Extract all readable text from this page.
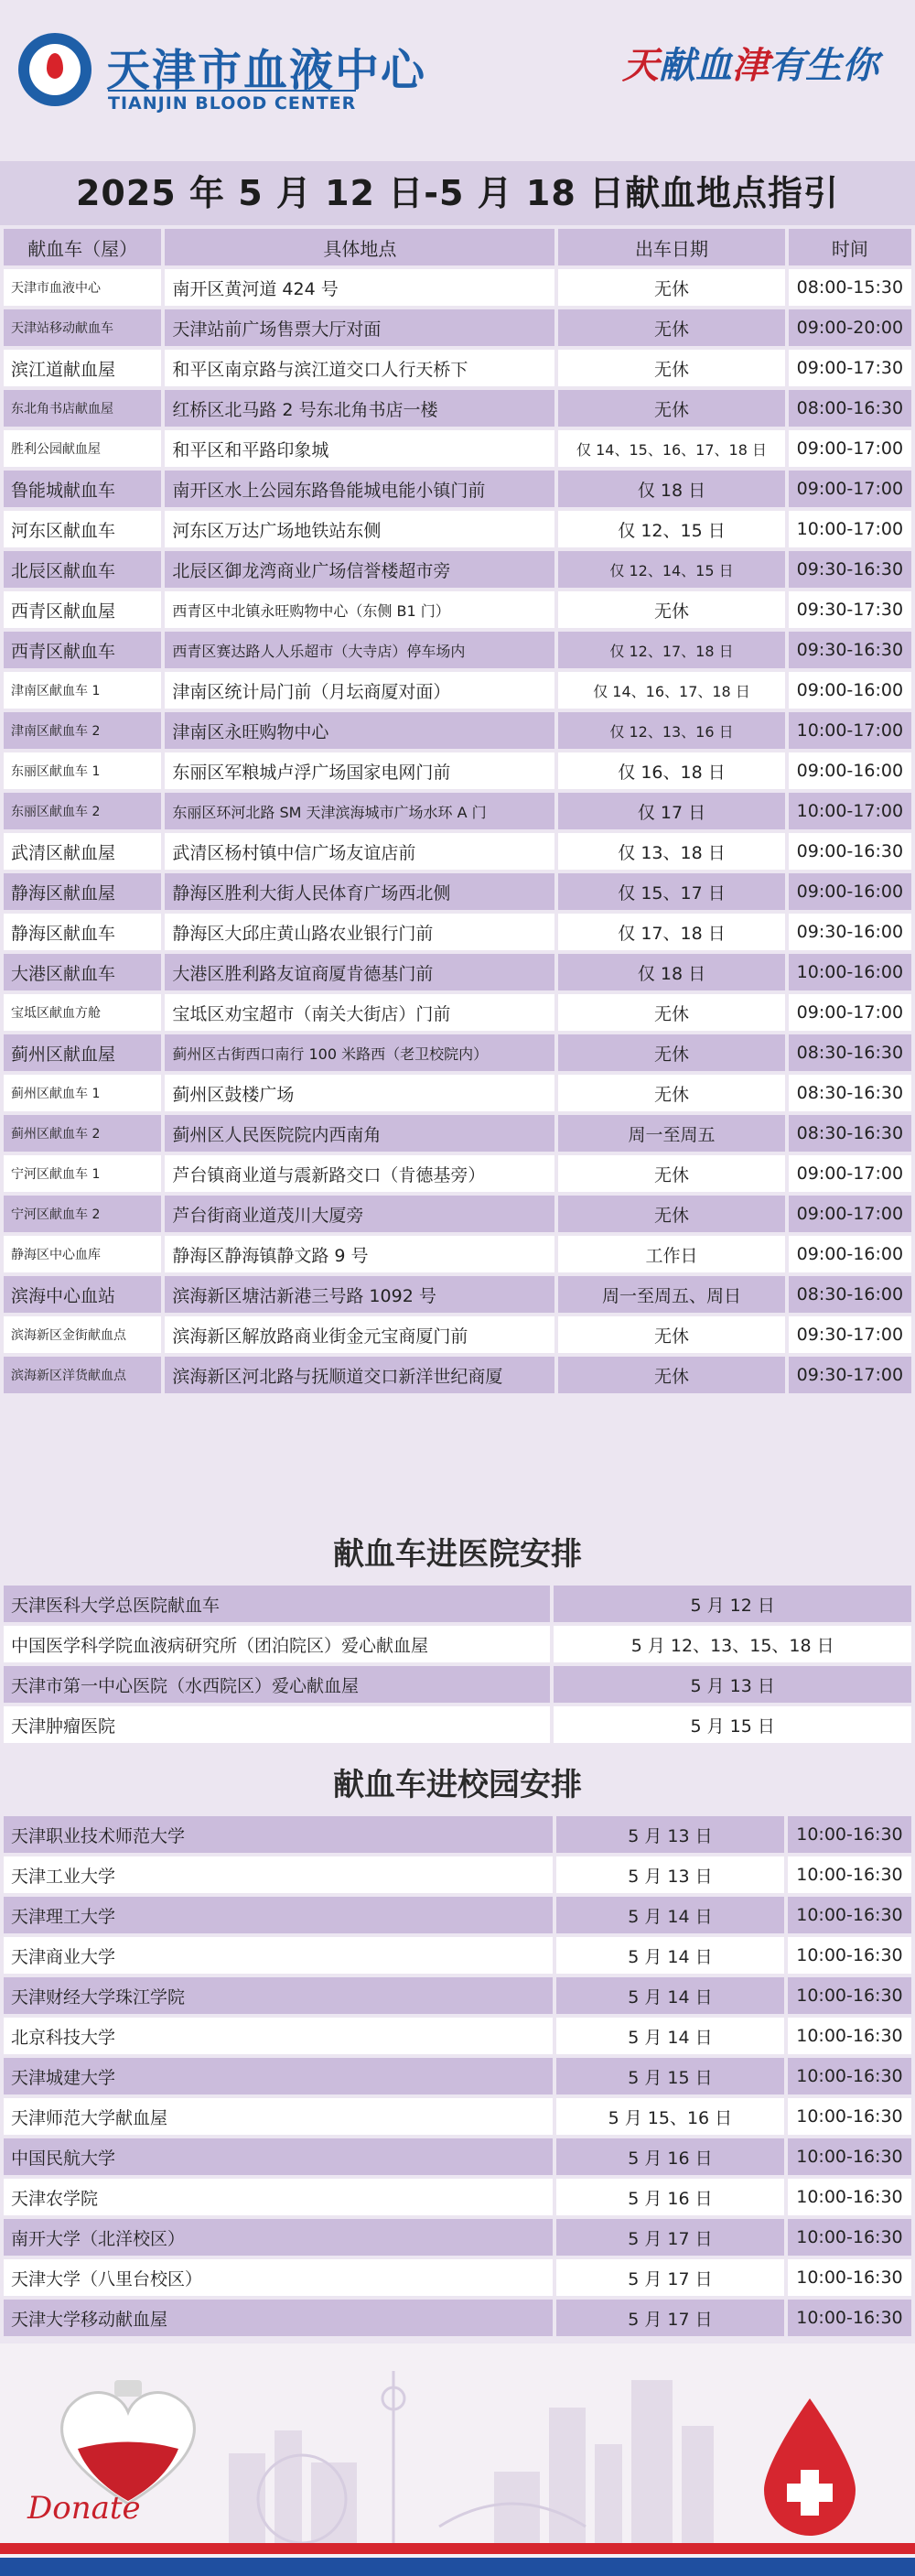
天津市血液中心
TIANJIN BLOOD CENTER
天献血津有生你
2025 年 5 月 12 日-5 月 18 日献血地点指引
献血车（屋）	具体地点	出车日期	时间
天津市血液中心	南开区黄河道 424 号	无休	08:00-15:30
天津站移动献血车	天津站前广场售票大厅对面	无休	09:00-20:00
滨江道献血屋	和平区南京路与滨江道交口人行天桥下	无休	09:00-17:30
东北角书店献血屋	红桥区北马路 2 号东北角书店一楼	无休	08:00-16:30
胜利公园献血屋	和平区和平路印象城	仅 14、15、16、17、18 日	09:00-17:00
鲁能城献血车	南开区水上公园东路鲁能城电能小镇门前	仅 18 日	09:00-17:00
河东区献血车	河东区万达广场地铁站东侧	仅 12、15 日	10:00-17:00
北辰区献血车	北辰区御龙湾商业广场信誉楼超市旁	仅 12、14、15 日	09:30-16:30
西青区献血屋	西青区中北镇永旺购物中心（东侧 B1 门）	无休	09:30-17:30
西青区献血车	西青区赛达路人人乐超市（大寺店）停车场内	仅 12、17、18 日	09:30-16:30
津南区献血车 1	津南区统计局门前（月坛商厦对面）	仅 14、16、17、18 日	09:00-16:00
津南区献血车 2	津南区永旺购物中心	仅 12、13、16 日	10:00-17:00
东丽区献血车 1	东丽区军粮城卢浮广场国家电网门前	仅 16、18 日	09:00-16:00
东丽区献血车 2	东丽区环河北路 SM 天津滨海城市广场水环 A 门	仅 17 日	10:00-17:00
武清区献血屋	武清区杨村镇中信广场友谊店前	仅 13、18 日	09:00-16:30
静海区献血屋	静海区胜利大街人民体育广场西北侧	仅 15、17 日	09:00-16:00
静海区献血车	静海区大邱庄黄山路农业银行门前	仅 17、18 日	09:30-16:00
大港区献血车	大港区胜利路友谊商厦肯德基门前	仅 18 日	10:00-16:00
宝坻区献血方舱	宝坻区劝宝超市（南关大街店）门前	无休	09:00-17:00
蓟州区献血屋	蓟州区古街西口南行 100 米路西（老卫校院内）	无休	08:30-16:30
蓟州区献血车 1	蓟州区鼓楼广场	无休	08:30-16:30
蓟州区献血车 2	蓟州区人民医院院内西南角	周一至周五	08:30-16:30
宁河区献血车 1	芦台镇商业道与震新路交口（肯德基旁）	无休	09:00-17:00
宁河区献血车 2	芦台街商业道茂川大厦旁	无休	09:00-17:00
静海区中心血库	静海区静海镇静文路 9 号	工作日	09:00-16:00
滨海中心血站	滨海新区塘沽新港三号路 1092 号	周一至周五、周日	08:30-16:00
滨海新区金街献血点	滨海新区解放路商业街金元宝商厦门前	无休	09:30-17:00
滨海新区洋货献血点	滨海新区河北路与抚顺道交口新洋世纪商厦	无休	09:30-17:00
献血车进医院安排
天津医科大学总医院献血车	5 月 12 日
中国医学科学院血液病研究所（团泊院区）爱心献血屋	5 月 12、13、15、18 日
天津市第一中心医院（水西院区）爱心献血屋	5 月 13 日
天津肿瘤医院	5 月 15 日
献血车进校园安排
天津职业技术师范大学	5 月 13 日	10:00-16:30
天津工业大学	5 月 13 日	10:00-16:30
天津理工大学	5 月 14 日	10:00-16:30
天津商业大学	5 月 14 日	10:00-16:30
天津财经大学珠江学院	5 月 14 日	10:00-16:30
北京科技大学	5 月 14 日	10:00-16:30
天津城建大学	5 月 15 日	10:00-16:30
天津师范大学献血屋	5 月 15、16 日	10:00-16:30
中国民航大学	5 月 16 日	10:00-16:30
天津农学院	5 月 16 日	10:00-16:30
南开大学（北洋校区）	5 月 17 日	10:00-16:30
天津大学（八里台校区）	5 月 17 日	10:00-16:30
天津大学移动献血屋	5 月 17 日	10:00-16:30
Donate
